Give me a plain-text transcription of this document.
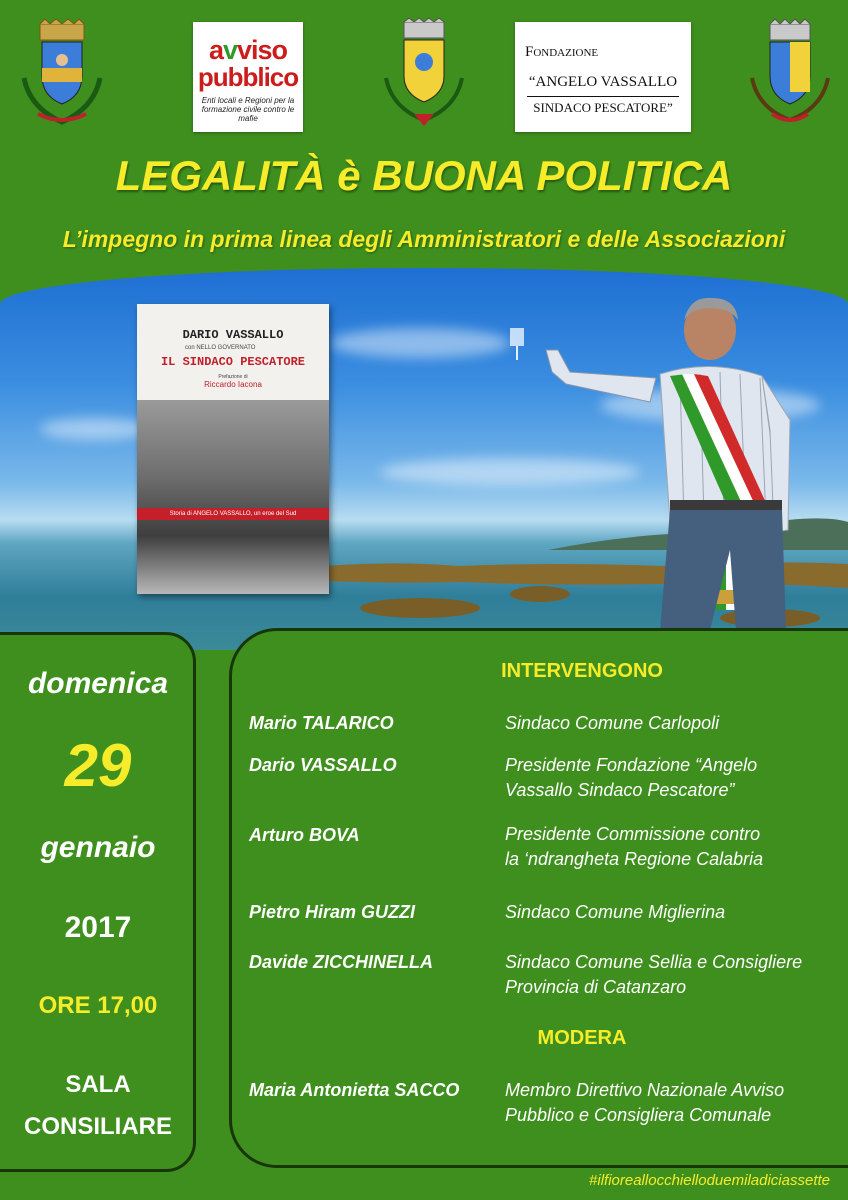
avviso
pubblico
Enti locali e Regioni per la formazione civile contro le mafie
Fondazione
“ANGELO VASSALLO
SINDACO PESCATORE”
LEGALITÀ è BUONA POLITICA
L’impegno in prima linea degli Amministratori e delle Associazioni
DARIO VASSALLO
con NELLO GOVERNATO
IL SINDACO PESCATORE
Prefazione di
Riccardo Iacona
Storia di ANGELO VASSALLO, un eroe del Sud
domenica
29
gennaio
2017
ORE 17,00
SALA
CONSILIARE
INTERVENGONO
Mario TALARICO	Sindaco Comune Carlopoli
Dario VASSALLO	Presidente Fondazione “Angelo
Vassallo Sindaco Pescatore”
Arturo BOVA	Presidente Commissione contro
la ‘ndrangheta Regione Calabria
Pietro Hiram GUZZI	Sindaco Comune Miglierina
Davide ZICCHINELLA	Sindaco Comune Sellia e Consigliere
Provincia di Catanzaro
MODERA
Maria Antonietta SACCO	Membro Direttivo Nazionale Avviso
Pubblico e Consigliera Comunale
#ilfioreallocchielloduemiladiciassette
